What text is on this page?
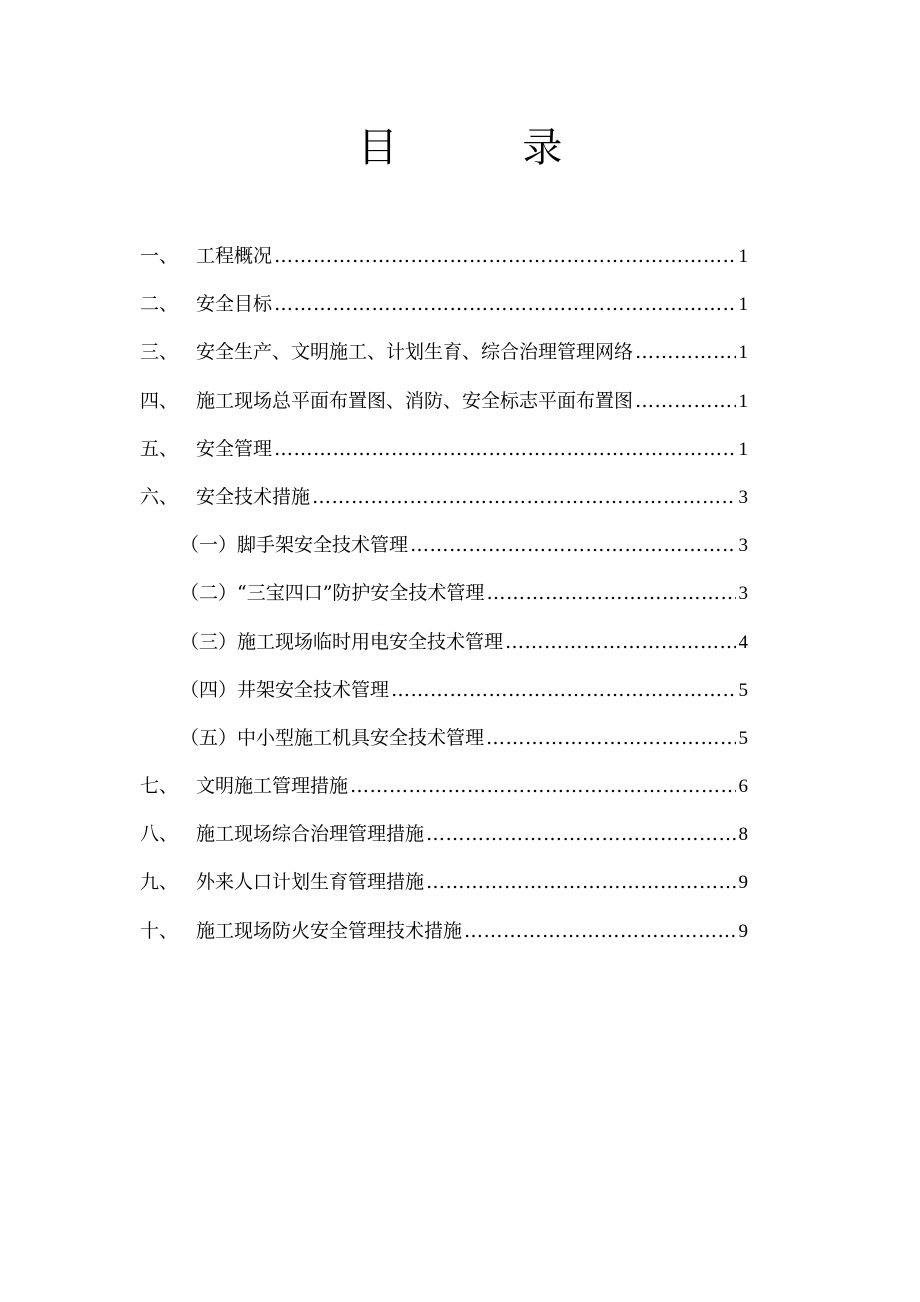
目 录
一、 工程概况 ………………………………………………………………………………………………………………………………………………	1
二、 安全目标 ………………………………………………………………………………………………………………………………………………	1
三、 安全生产、文明施工、计划生育、综合治理管理网络 ………………………………………………………………………………………………………………………………………………	1
四、 施工现场总平面布置图、消防、安全标志平面布置图 ………………………………………………………………………………………………………………………………………………	1
五、 安全管理 ………………………………………………………………………………………………………………………………………………	1
六、 安全技术措施 ………………………………………………………………………………………………………………………………………………	3
（一）脚手架安全技术管理 ………………………………………………………………………………………………………………………………………………	3
（二）“三宝四口”防护安全技术管理 ………………………………………………………………………………………………………………………………………………	3
（三）施工现场临时用电安全技术管理 ………………………………………………………………………………………………………………………………………………	4
（四）井架安全技术管理 ………………………………………………………………………………………………………………………………………………	5
（五）中小型施工机具安全技术管理 ………………………………………………………………………………………………………………………………………………	5
七、 文明施工管理措施 ………………………………………………………………………………………………………………………………………………	6
八、 施工现场综合治理管理措施 ………………………………………………………………………………………………………………………………………………	8
九、 外来人口计划生育管理措施 ………………………………………………………………………………………………………………………………………………	9
十、 施工现场防火安全管理技术措施 ………………………………………………………………………………………………………………………………………………	9
